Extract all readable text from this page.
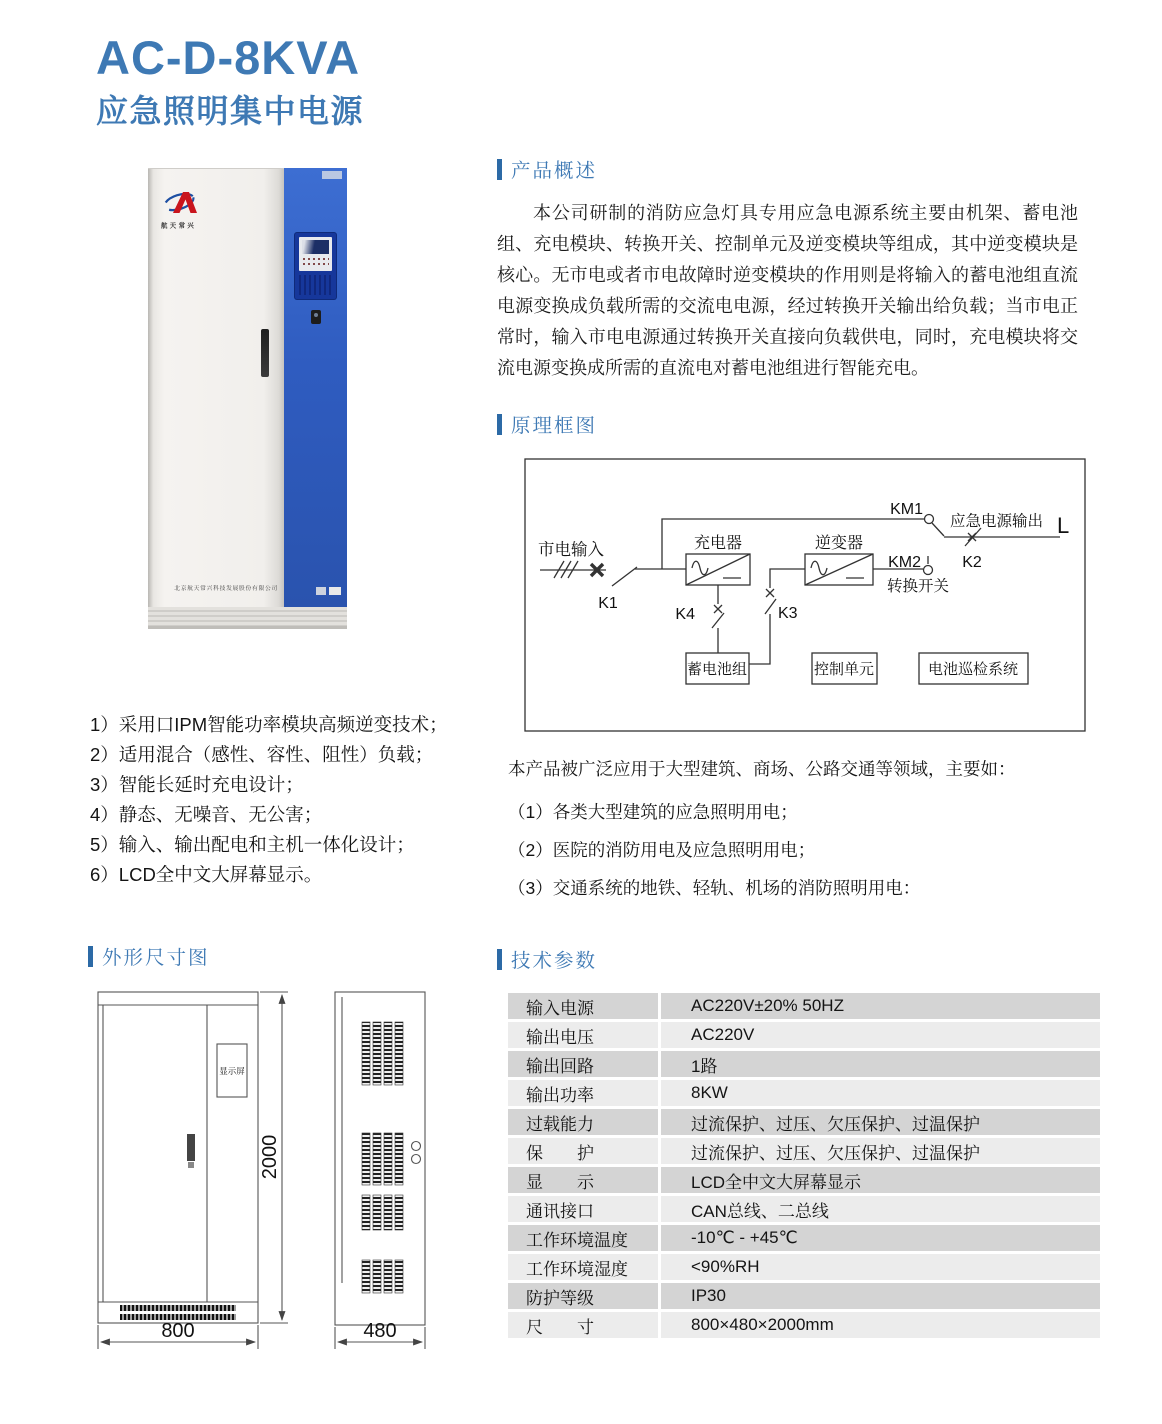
AC-D-8KVA
应急照明集中电源
航天常兴
北京航天常兴科技发展股份有限公司
产品概述

本公司研制的消防应急灯具专用应急电源系统主要由机架、蓄电池组、充电模块、转换开关、控制单元及逆变模块等组成，其中逆变模块是核心。无市电或者市电故障时逆变模块的作用则是将输入的蓄电池组直流电源变换成负载所需的交流电电源，经过转换开关输出给负载；当市电正常时，输入市电电源通过转换开关直接向负载供电，同时，充电模块将交流电源变换成所需的直流电对蓄电池组进行智能充电。

原理框图
市电输入	充电器	逆变器
K1
K4	K3
KM1
KM2
转换开关
应急电源输出
K2
L
蓄电池组	控制单元	电池巡检系统
1）采用口IPM智能功率模块高频逆变技术；
2）适用混合（感性、容性、阻性）负载；
3）智能长延时充电设计；
4）静态、无噪音、无公害；
5）输入、输出配电和主机一体化设计；
6）LCD全中文大屏幕显示。
本产品被广泛应用于大型建筑、商场、公路交通等领域，主要如：
（1）各类大型建筑的应急照明用电；
（2）医院的消防用电及应急照明用电；
（3）交通系统的地铁、轻轨、机场的消防照明用电：
外形尺寸图
显示屏
2000
800	480
技术参数
输入电源	AC220V±20% 50HZ
输出电压	AC220V
输出回路	1路
输出功率	8KW
过载能力	过流保护、过压、欠压保护、过温保护
保　　护	过流保护、过压、欠压保护、过温保护
显　　示	LCD全中文大屏幕显示
通讯接口	CAN总线、二总线
工作环境温度	-10℃ - +45℃
工作环境湿度	<90%RH
防护等级	IP30
尺　　寸	800×480×2000mm
